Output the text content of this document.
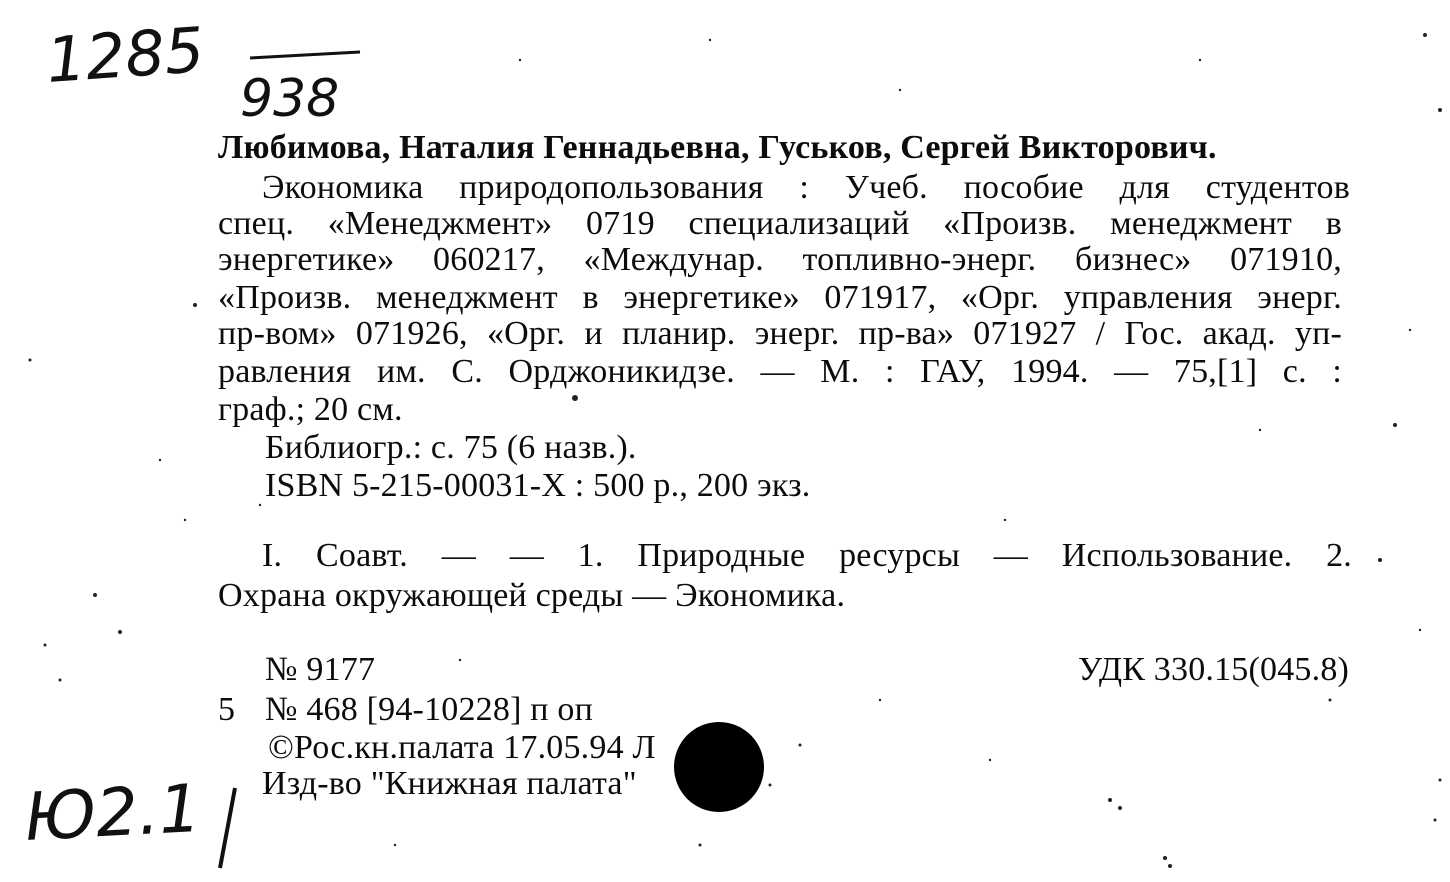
1285
938
Ю2.1
Любимова, Наталия Геннадьевна, Гуськов, Сергей Викторович.
Экономика природопользования : Учеб. пособие для студентов
спец. «Менеджмент» 0719 специализаций «Произв. менеджмент в
энергетике» 060217, «Междунар. топливно-энерг. бизнес» 071910,
«Произв. менеджмент в энергетике» 071917, «Орг. управления энерг.
пр-вом» 071926, «Орг. и планир. энерг. пр-ва» 071927 / Гос. акад. уп-
равления им. С. Орджоникидзе. — М. : ГАУ, 1994. — 75,[1] с. :
граф.; 20 см.
Библиогр.: с. 75 (6 назв.).
ISBN 5-215-00031-X : 500 р., 200 экз.
I. Соавт. — — 1. Природные ресурсы — Использование. 2.
Охрана окружающей среды — Экономика.
№ 9177	УДК 330.15(045.8)
5 № 468 [94-10228] п оп
©Рос.кн.палата 17.05.94 Л
Изд-во "Книжная палата"
